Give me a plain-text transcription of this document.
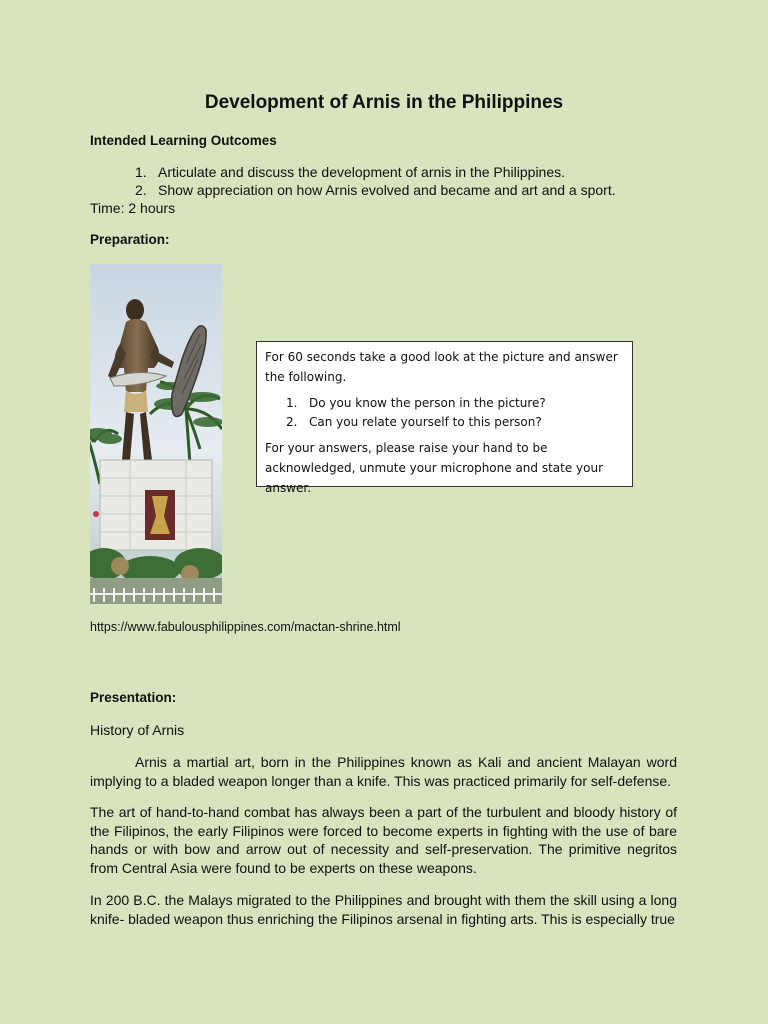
Development of Arnis in the Philippines
Intended Learning Outcomes
1. Articulate and discuss the development of arnis in the Philippines.
2. Show appreciation on how Arnis evolved and became and art and a sport.

Time: 2 hours

Preparation:

For 60 seconds take a good look at the picture and answer the following.

1. Do you know the person in the picture?
2. Can you relate yourself to this person?

For your answers, please raise your hand to be acknowledged, unmute your microphone and state your answer.

https://www.fabulousphilippines.com/mactan-shrine.html

Presentation:

History of Arnis

Arnis a martial art, born in the Philippines known as Kali and ancient Malayan word implying to a bladed weapon longer than a knife. This was practiced primarily for self-defense.

The art of hand-to-hand combat has always been a part of the turbulent and bloody history of the Filipinos, the early Filipinos were forced to become experts in fighting with the use of bare hands or with bow and arrow out of necessity and self-preservation. The primitive negritos from Central Asia were found to be experts on these weapons.

In 200 B.C. the Malays migrated to the Philippines and brought with them the skill using a long knife- bladed weapon thus enriching the Filipinos arsenal in fighting arts. This is especially true
